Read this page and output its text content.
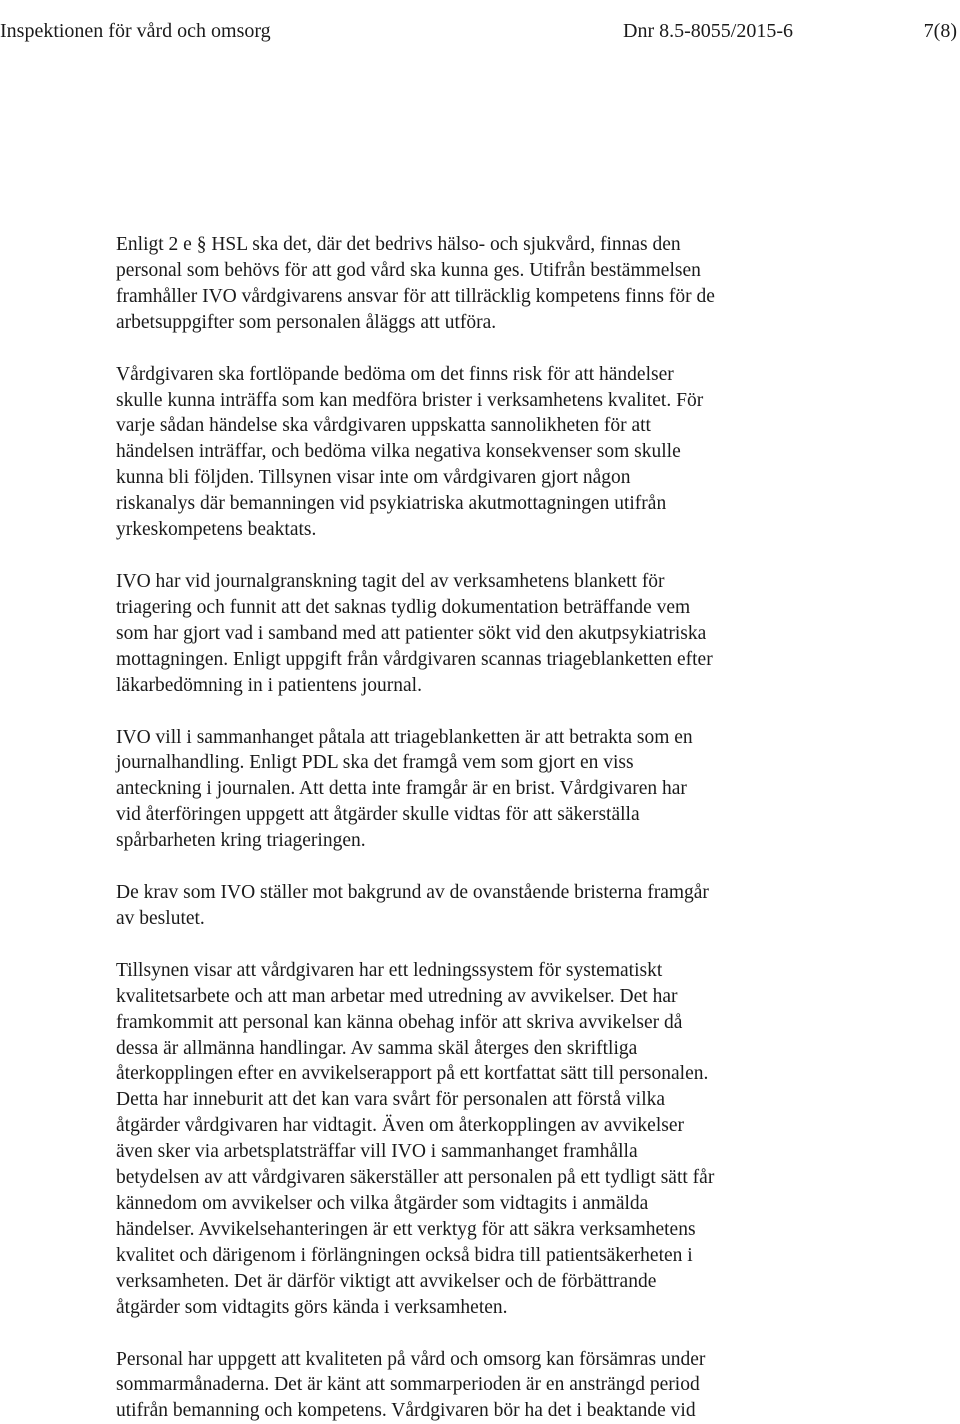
Inspektionen för vård och omsorg	Dnr 8.5-8055/2015-6	7(8)

Enligt 2 e § HSL ska det, där det bedrivs hälso- och sjukvård, finnas den

personal som behövs för att god vård ska kunna ges. Utifrån bestämmelsen

framhåller IVO vårdgivarens ansvar för att tillräcklig kompetens finns för de

arbetsuppgifter som personalen åläggs att utföra.

Vårdgivaren ska fortlöpande bedöma om det finns risk för att händelser

skulle kunna inträffa som kan medföra brister i verksamhetens kvalitet. För

varje sådan händelse ska vårdgivaren uppskatta sannolikheten för att

händelsen inträffar, och bedöma vilka negativa konsekvenser som skulle

kunna bli följden. Tillsynen visar inte om vårdgivaren gjort någon

riskanalys där bemanningen vid psykiatriska akutmottagningen utifrån

yrkeskompetens beaktats.

IVO har vid journalgranskning tagit del av verksamhetens blankett för

triagering och funnit att det saknas tydlig dokumentation beträffande vem

som har gjort vad i samband med att patienter sökt vid den akutpsykiatriska

mottagningen. Enligt uppgift från vårdgivaren scannas triageblanketten efter

läkarbedömning in i patientens journal.

IVO vill i sammanhanget påtala att triageblanketten är att betrakta som en

journalhandling. Enligt PDL ska det framgå vem som gjort en viss

anteckning i journalen. Att detta inte framgår är en brist. Vårdgivaren har

vid återföringen uppgett att åtgärder skulle vidtas för att säkerställa

spårbarheten kring triageringen.

De krav som IVO ställer mot bakgrund av de ovanstående bristerna framgår

av beslutet.

Tillsynen visar att vårdgivaren har ett ledningssystem för systematiskt

kvalitetsarbete och att man arbetar med utredning av avvikelser. Det har

framkommit att personal kan känna obehag inför att skriva avvikelser då

dessa är allmänna handlingar. Av samma skäl återges den skriftliga

återkopplingen efter en avvikelserapport på ett kortfattat sätt till personalen.

Detta har inneburit att det kan vara svårt för personalen att förstå vilka

åtgärder vårdgivaren har vidtagit. Även om återkopplingen av avvikelser

även sker via arbetsplatsträffar vill IVO i sammanhanget framhålla

betydelsen av att vårdgivaren säkerställer att personalen på ett tydligt sätt får

kännedom om avvikelser och vilka åtgärder som vidtagits i anmälda

händelser. Avvikelsehanteringen är ett verktyg för att säkra verksamhetens

kvalitet och därigenom i förlängningen också bidra till patientsäkerheten i

verksamheten. Det är därför viktigt att avvikelser och de förbättrande

åtgärder som vidtagits görs kända i verksamheten.

Personal har uppgett att kvaliteten på vård och omsorg kan försämras under

sommarmånaderna. Det är känt att sommarperioden är en ansträngd period

utifrån bemanning och kompetens. Vårdgivaren bör ha det i beaktande vid
